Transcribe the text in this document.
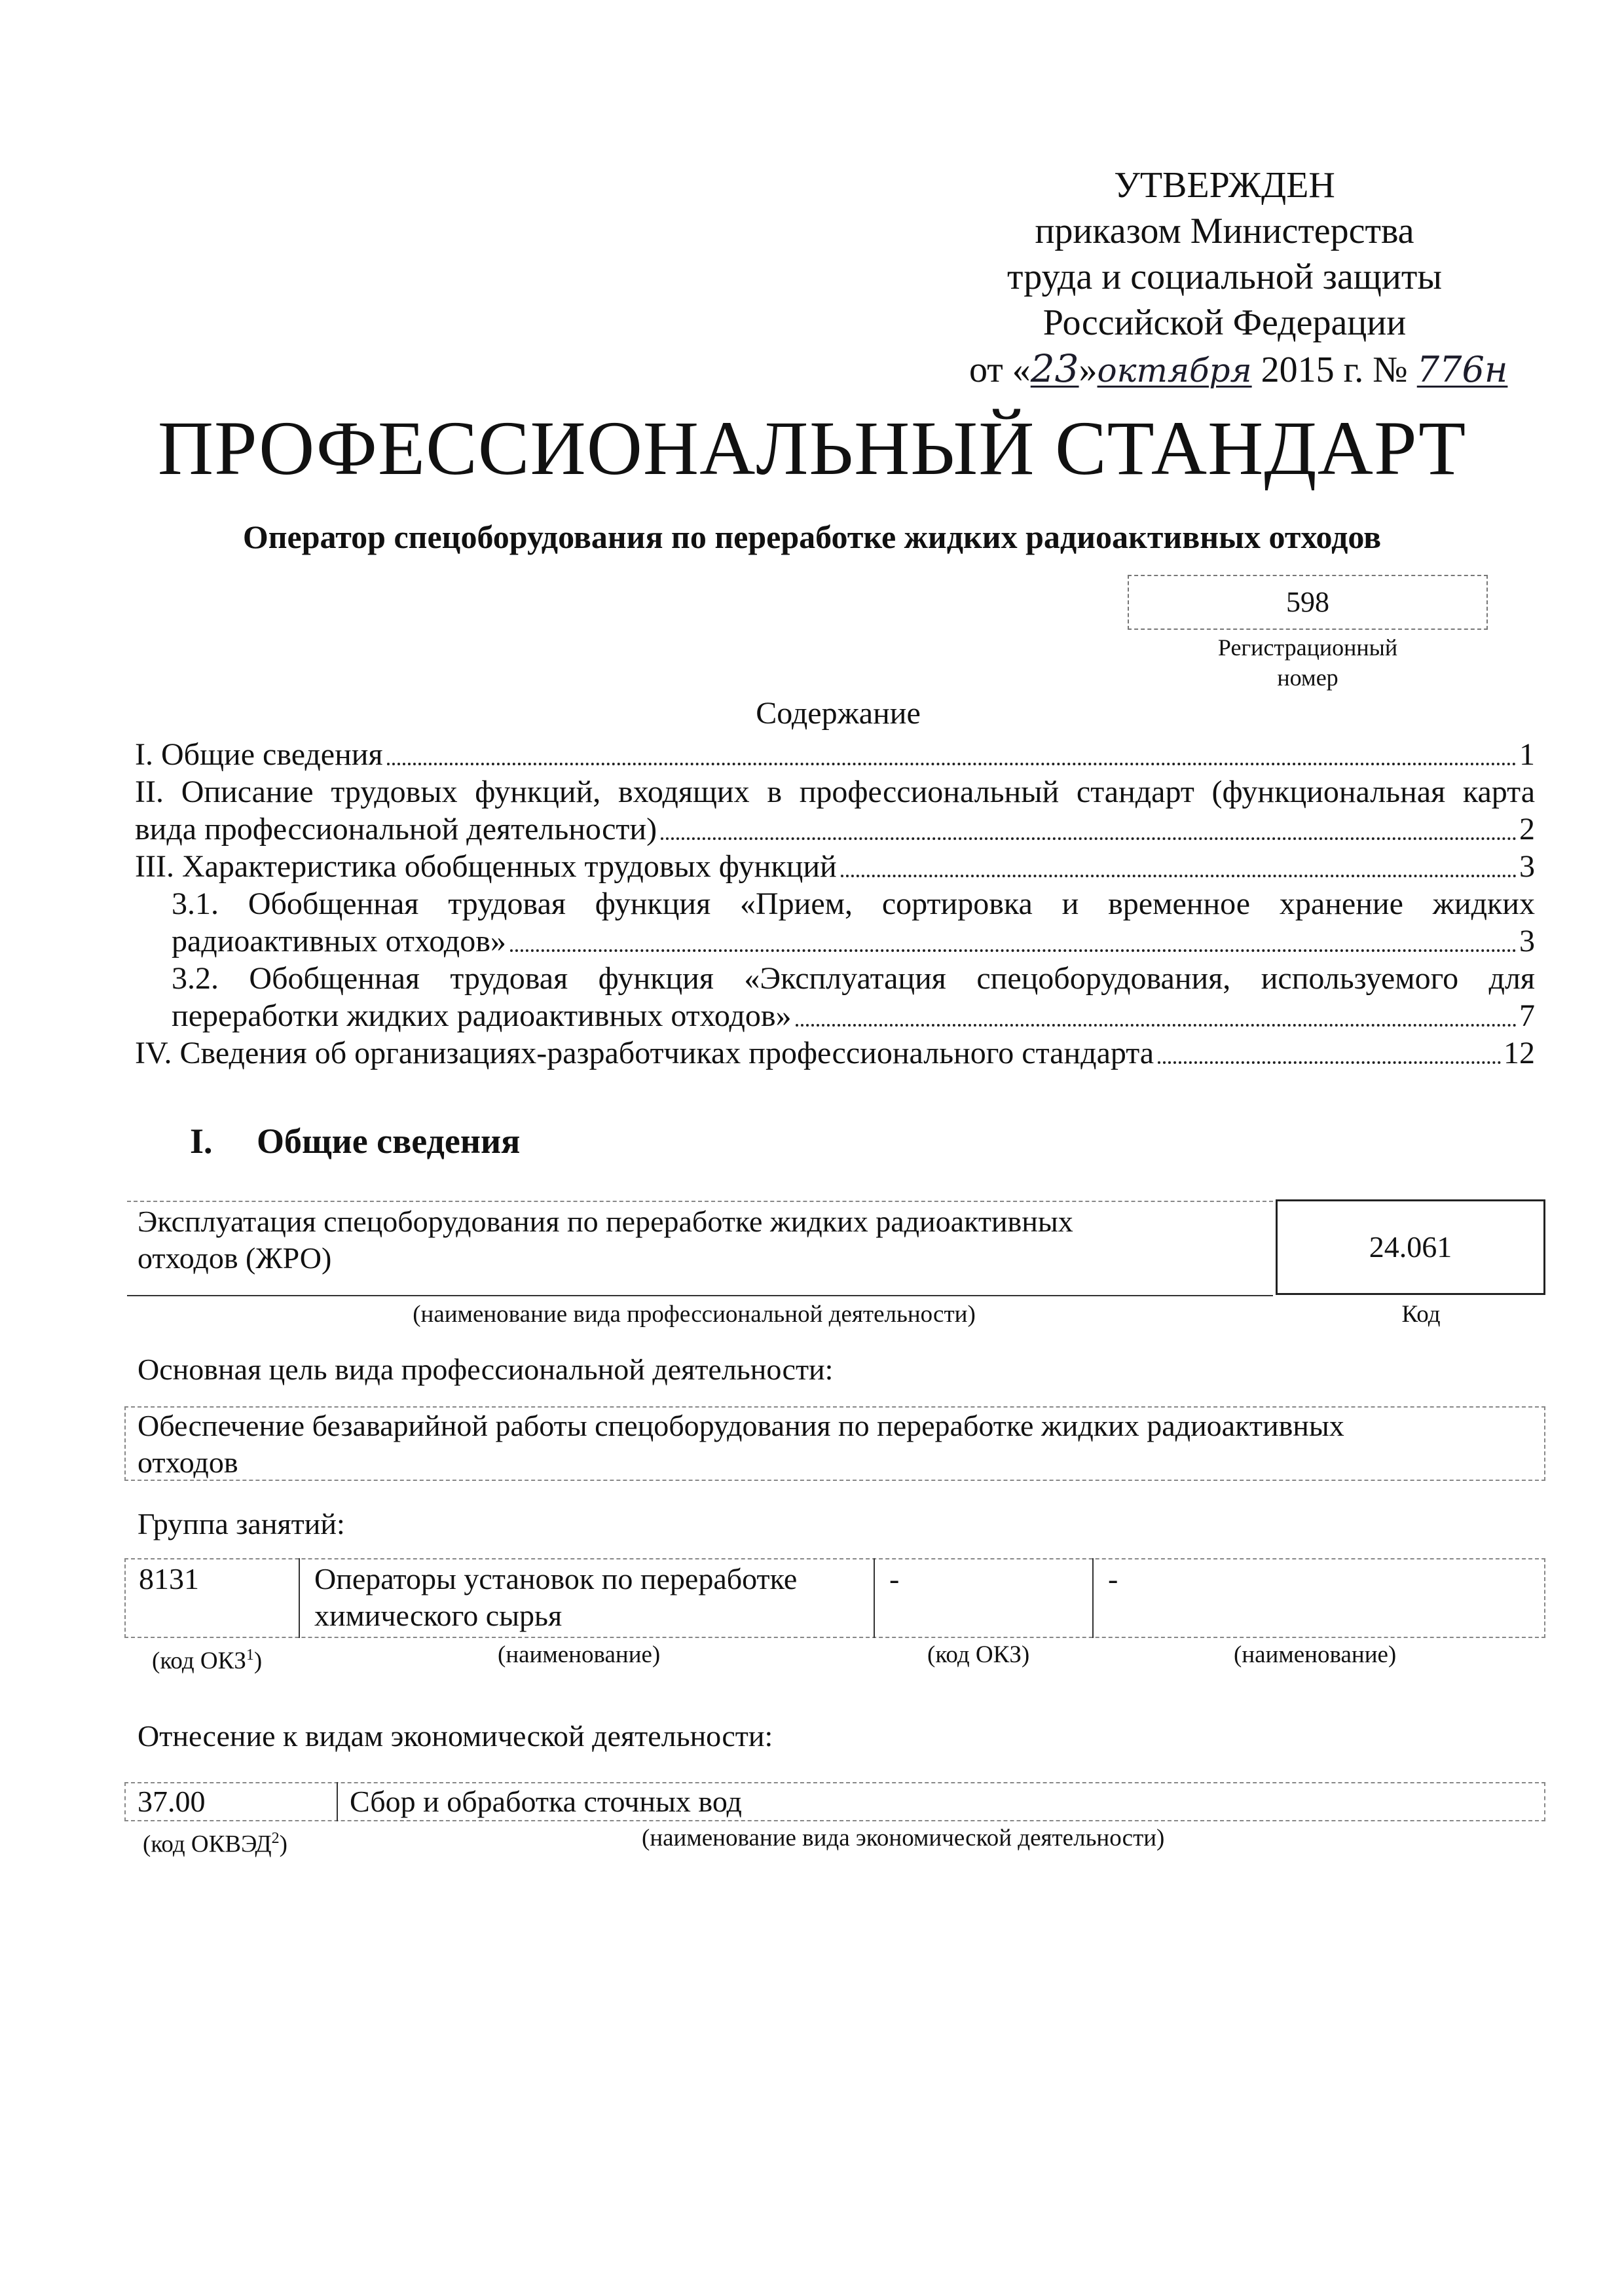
УТВЕРЖДЕН
приказом Министерства
труда и социальной защиты
Российской Федерации
от «23»октября 2015 г. № 776н
ПРОФЕССИОНАЛЬНЫЙ СТАНДАРТ
Оператор спецоборудования по переработке жидких радиоактивных отходов
598
Регистрационный
номер
Содержание
I. Общие сведения	1
II. Описание трудовых функций, входящих в профессиональный стандарт (функциональная карта
вида профессиональной деятельности)	2
III. Характеристика обобщенных трудовых функций	3
3.1. Обобщенная трудовая функция «Прием, сортировка и временное хранение жидких
радиоактивных отходов»	3
3.2. Обобщенная трудовая функция «Эксплуатация спецоборудования, используемого для
переработки жидких радиоактивных отходов»	7
IV. Сведения об организациях-разработчиках профессионального стандарта	12
I. Общие сведения
Эксплуатация спецоборудования по переработке жидких радиоактивных
отходов (ЖРО)	24.061
(наименование вида профессиональной деятельности)	Код
Основная цель вида профессиональной деятельности:
Обеспечение безаварийной работы спецоборудования по переработке жидких радиоактивных
отходов
Группа занятий:
8131	Операторы установок по переработке
химического сырья
-	-
(код ОКЗ$^1$)	(наименование)	(код ОКЗ)	(наименование)
Отнесение к видам экономической деятельности:
37.00	Сбор и обработка сточных вод
(код ОКВЭД$^2$)	(наименование вида экономической деятельности)
